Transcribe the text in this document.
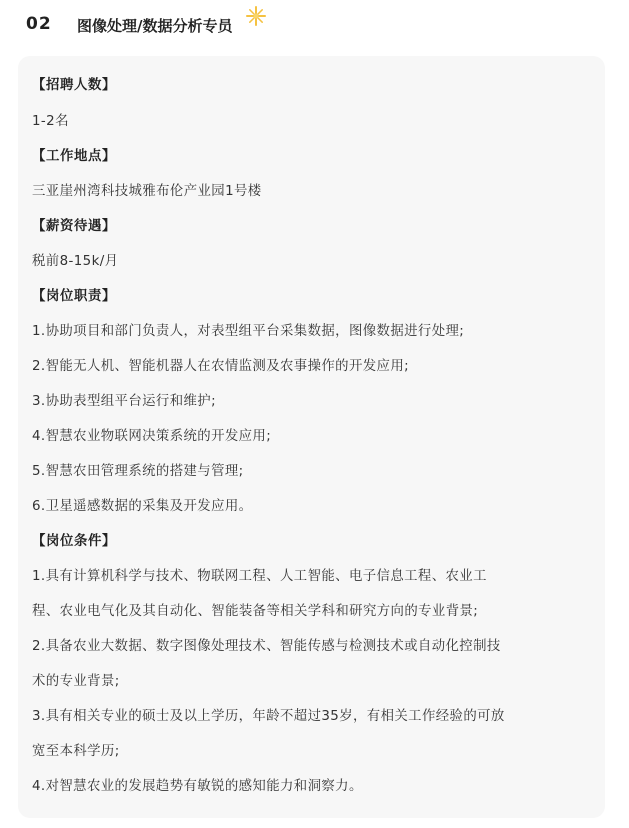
02 图像处理/数据分析专员
【招聘人数】
1-2名
【工作地点】
三亚崖州湾科技城雅布伦产业园1号楼
【薪资待遇】
税前8-15k/月
【岗位职责】
1.协助项目和部门负责人，对表型组平台采集数据，图像数据进行处理;
2.智能无人机、智能机器人在农情监测及农事操作的开发应用;
3.协助表型组平台运行和维护;
4.智慧农业物联网决策系统的开发应用;
5.智慧农田管理系统的搭建与管理;
6.卫星遥感数据的采集及开发应用。
【岗位条件】
1.具有计算机科学与技术、物联网工程、人工智能、电子信息工程、农业工
程、农业电气化及其自动化、智能装备等相关学科和研究方向的专业背景;
2.具备农业大数据、数字图像处理技术、智能传感与检测技术或自动化控制技
术的专业背景;
3.具有相关专业的硕士及以上学历，年龄不超过35岁，有相关工作经验的可放
宽至本科学历;
4.对智慧农业的发展趋势有敏锐的感知能力和洞察力。
